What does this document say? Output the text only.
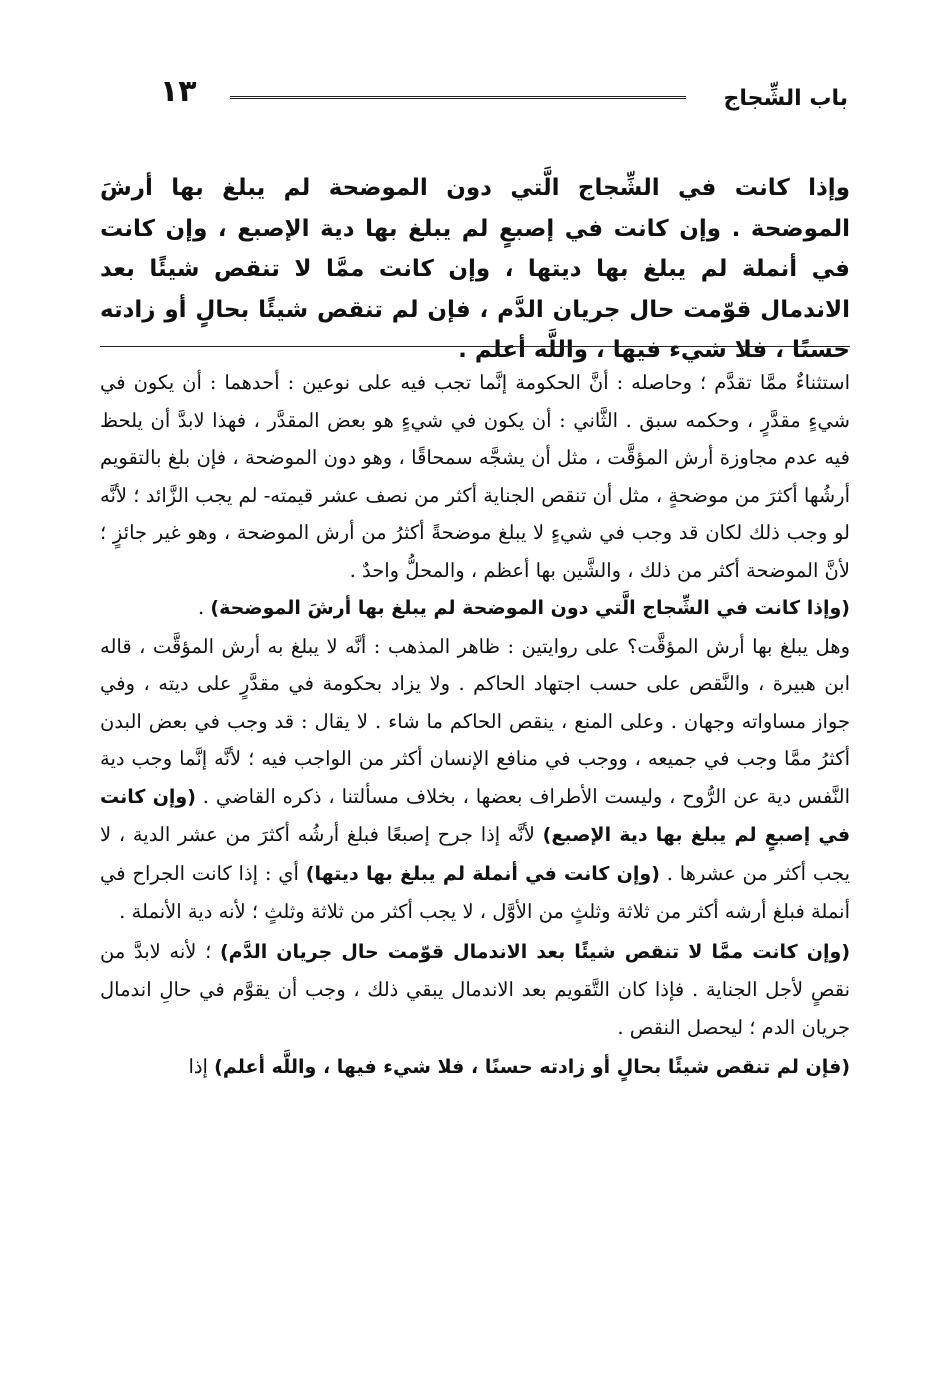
١٣	باب الشِّجاج

وإذا كانت في الشِّجاج الَّتي دون الموضحة لم يبلغ بها أرشَ الموضحة . وإن كانت في إصبعٍ لم يبلغ بها دية الإصبع ، وإن كانت في أنملة لم يبلغ بها ديتها ، وإن كانت ممَّا لا تنقص شيئًا بعد الاندمال قوّمت حال جريان الدَّم ، فإن لم تنقص شيئًا بحالٍ أو زادته حسنًا ، فلا شيء فيها ، واللَّه أعلم .

استثناءٌ ممَّا تقدَّم ؛ وحاصله : أنَّ الحكومة إنَّما تجب فيه على نوعين : أحدهما : أن يكون في شيءٍ مقدَّرٍ ، وحكمه سبق . الثَّاني : أن يكون في شيءٍ هو بعض المقدَّر ، فهذا لابدَّ أن يلحظ فيه عدم مجاوزة أرش المؤقَّت ، مثل أن يشجَّه سمحاقًا ، وهو دون الموضحة ، فإن بلغ بالتقويم أرشُها أكثرَ من موضحةٍ ، مثل أن تنقص الجناية أكثر من نصف عشر قيمته- لم يجب الزَّائد ؛ لأنَّه لو وجب ذلك لكان قد وجب في شيءٍ لا يبلغ موضحةً أكثرُ من أرش الموضحة ، وهو غير جائزٍ ؛ لأنَّ الموضحة أكثر من ذلك ، والشَّين بها أعظم ، والمحلُّ واحدٌ .

(وإذا كانت في الشِّجاج الَّتي دون الموضحة لم يبلغ بها أرشَ الموضحة) .

وهل يبلغ بها أرش المؤقَّت؟ على روايتين : ظاهر المذهب : أنَّه لا يبلغ به أرش المؤقَّت ، قاله ابن هبيرة ، والنَّقص على حسب اجتهاد الحاكم . ولا يزاد بحكومة في مقدَّرٍ على ديته ، وفي جواز مساواته وجهان . وعلى المنع ، ينقص الحاكم ما شاء . لا يقال : قد وجب في بعض البدن أكثرُ ممَّا وجب في جميعه ، ووجب في منافع الإنسان أكثر من الواجب فيه ؛ لأنَّه إنَّما وجب دية النَّفس دية عن الرُّوح ، وليست الأطراف بعضها ، بخلاف مسألتنا ، ذكره القاضي . (وإن كانت في إصبعٍ لم يبلغ بها دية الإصبع) لأنَّه إذا جرح إصبعًا فبلغ أرشُه أكثرَ من عشر الدية ، لا يجب أكثر من عشرها . (وإن كانت في أنملة لم يبلغ بها ديتها) أي : إذا كانت الجراح في أنملة فبلغ أرشه أكثر من ثلاثة وثلثٍ من الأوَّل ، لا يجب أكثر من ثلاثة وثلثٍ ؛ لأنه دية الأنملة .

(وإن كانت ممَّا لا تنقص شيئًا بعد الاندمال قوّمت حال جريان الدَّم) ؛ لأنه لابدَّ من نقصٍ لأجل الجناية . فإذا كان التَّقويم بعد الاندمال يبقي ذلك ، وجب أن يقوَّم في حالِ اندمال جريان الدم ؛ ليحصل النقص .

(فإن لم تنقص شيئًا بحالٍ أو زادته حسنًا ، فلا شيء فيها ، واللَّه أعلم) إذا
